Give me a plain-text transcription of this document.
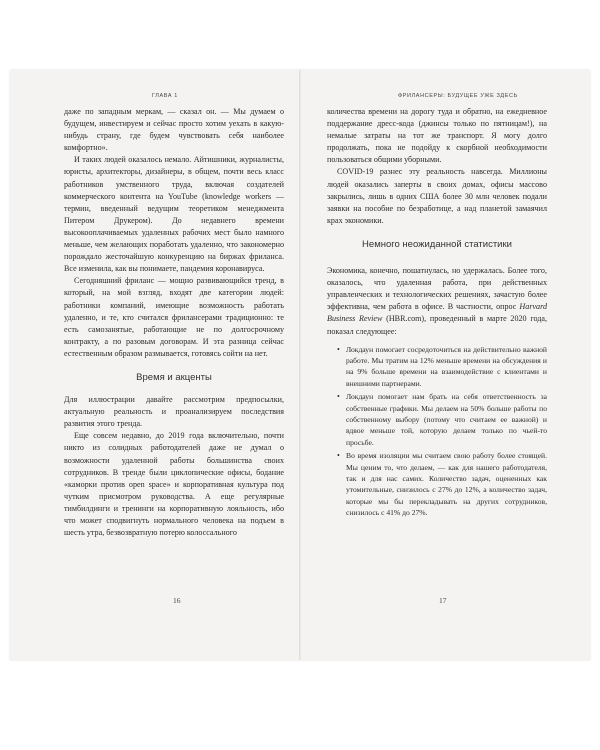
ГЛАВА 1	ФРИЛАНСЕРЫ: БУДУЩЕЕ УЖЕ ЗДЕСЬ

даже по западным меркам, — сказал он. — Мы думаем о будущем, инвестируем и сейчас просто хотим уехать в какую-нибудь страну, где будем чувствовать себя наиболее комфортно».

И таких людей оказалось немало. Айтишники, журналисты, юристы, архитекторы, дизайнеры, в общем, почти весь класс работников умственного труда, включая создателей коммерческого контента на YouTube (knowledge workers — термин, введенный ведущим теоретиком менеджмента Питером Друкером). До недавнего времени высокооплачиваемых удаленных рабочих мест было намного меньше, чем желающих поработать удаленно, что закономерно порождало жесточайшую конкуренцию на биржах фриланса. Все изменила, как вы понимаете, пандемия коронавируса.

Сегодняшний фриланс — мощно развивающийся тренд, в который, на мой взгляд, входят две категории людей: работники компаний, имеющие возможность работать удаленно, и те, кто считался фрилансерами традиционно: те есть самозанятые, работающие не по долгосрочному контракту, а по разовым договорам. И эта разница сейчас естественным образом размывается, готовясь сойти на нет.

Время и акценты

Для иллюстрации давайте рассмотрим предпосылки, актуальную реальность и проанализируем последствия развития этого тренда.

Еще совсем недавно, до 2019 года включительно, почти никто из солидных работодателей даже не думал о возможности удаленной работы большинства своих сотрудников. В тренде были циклопические офисы, бодание «каморки против open space» и корпоративная культура под чутким присмотром руководства. А еще регулярные тимбилдинги и тренинги на корпоративную лояльность, ибо что может сподвигнуть нормального человека на подъем в шесть утра, безвозвратную потерю колоссального

16

количества времени на дорогу туда и обратно, на ежедневное поддержание дресс-кода (джинсы только по пятницам!), на немалые затраты на тот же транспорт. Я могу долго продолжать, пока не подойду к скорбной необходимости пользоваться общими уборными.

COVID-19 разнес эту реальность навсегда. Миллионы людей оказались заперты в своих домах, офисы массово закрылись, лишь в одних США более 30 млн человек подали заявки на пособие по безработице, а над планетой замаячил крах экономики.

Немного неожиданной статистики

Экономика, конечно, пошатнулась, но удержалась. Более того, оказалось, что удаленная работа, при действенных управленческих и технологических решениях, зачастую более эффективна, чем работа в офисе. В частности, опрос Harvard Business Review (HBR.com), проведенный в марте 2020 года, показал следующее:

• Локдаун помогает сосредоточиться на действительно важной работе. Мы тратим на 12% меньше времени на обсуждения и на 9% больше времени на взаимодействие с клиентами и внешними партнерами.
• Локдаун помогает нам брать на себя ответственность за собственные графики. Мы делаем на 50% больше работы по собственному выбору (потому что считаем ее важной) и вдвое меньше той, которую делаем только по чьей-то просьбе.
• Во время изоляции мы считаем свою работу более стоящей. Мы ценим то, что делаем, — как для нашего работодателя, так и для нас самих. Количество задач, оцененных как утомительные, снизилось с 27% до 12%, а количество задач, которые мы бы перекладывать на других сотрудников, снизилось с 41% до 27%.
17
